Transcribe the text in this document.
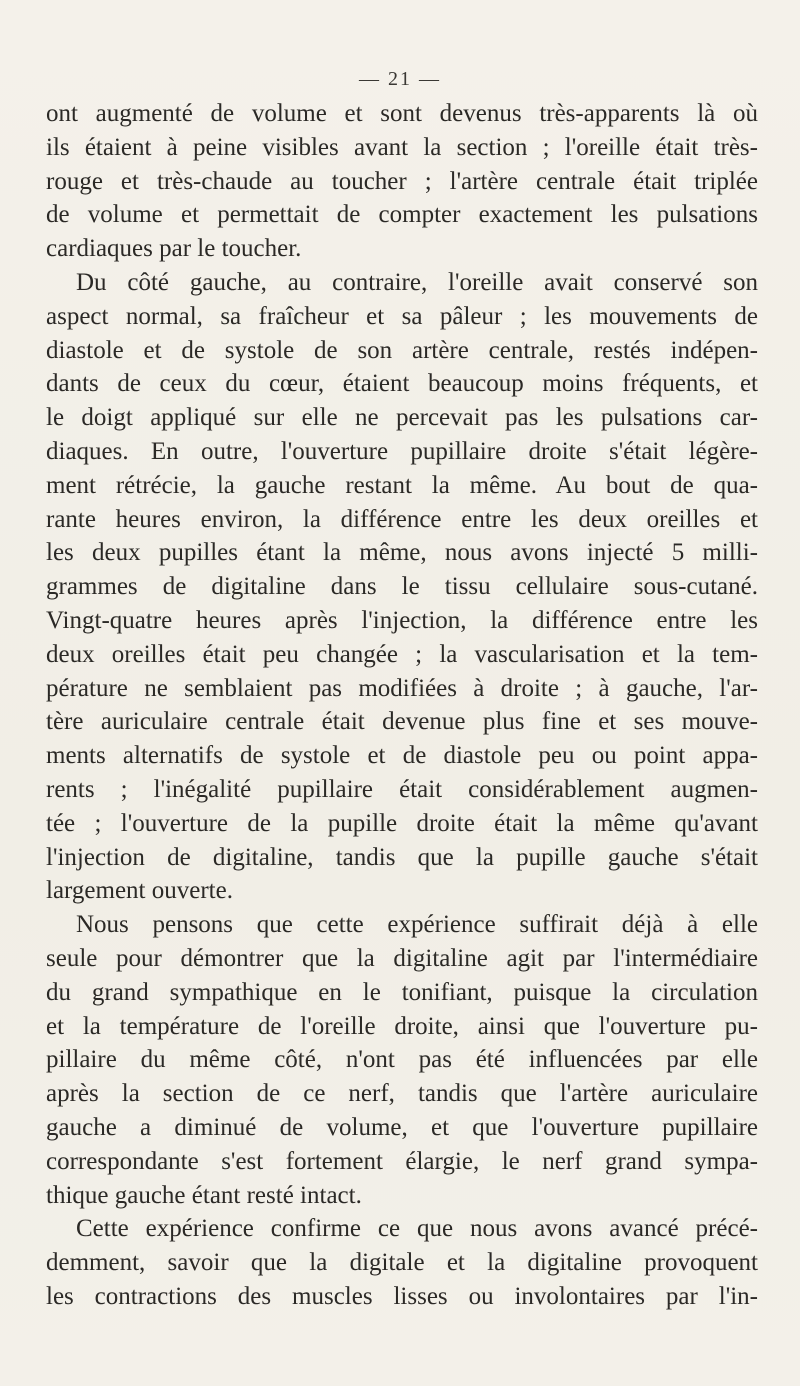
— 21 —
ont augmenté de volume et sont devenus très-apparents là où
ils étaient à peine visibles avant la section ; l'oreille était très-
rouge et très-chaude au toucher ; l'artère centrale était triplée
de volume et permettait de compter exactement les pulsations
cardiaques par le toucher.
Du côté gauche, au contraire, l'oreille avait conservé son
aspect normal, sa fraîcheur et sa pâleur ; les mouvements de
diastole et de systole de son artère centrale, restés indépen-
dants de ceux du cœur, étaient beaucoup moins fréquents, et
le doigt appliqué sur elle ne percevait pas les pulsations car-
diaques. En outre, l'ouverture pupillaire droite s'était légère-
ment rétrécie, la gauche restant la même. Au bout de qua-
rante heures environ, la différence entre les deux oreilles et
les deux pupilles étant la même, nous avons injecté 5 milli-
grammes de digitaline dans le tissu cellulaire sous-cutané.
Vingt-quatre heures après l'injection, la différence entre les
deux oreilles était peu changée ; la vascularisation et la tem-
pérature ne semblaient pas modifiées à droite ; à gauche, l'ar-
tère auriculaire centrale était devenue plus fine et ses mouve-
ments alternatifs de systole et de diastole peu ou point appa-
rents ; l'inégalité pupillaire était considérablement augmen-
tée ; l'ouverture de la pupille droite était la même qu'avant
l'injection de digitaline, tandis que la pupille gauche s'était
largement ouverte.
Nous pensons que cette expérience suffirait déjà à elle
seule pour démontrer que la digitaline agit par l'intermédiaire
du grand sympathique en le tonifiant, puisque la circulation
et la température de l'oreille droite, ainsi que l'ouverture pu-
pillaire du même côté, n'ont pas été influencées par elle
après la section de ce nerf, tandis que l'artère auriculaire
gauche a diminué de volume, et que l'ouverture pupillaire
correspondante s'est fortement élargie, le nerf grand sympa-
thique gauche étant resté intact.
Cette expérience confirme ce que nous avons avancé précé-
demment, savoir que la digitale et la digitaline provoquent
les contractions des muscles lisses ou involontaires par l'in-
